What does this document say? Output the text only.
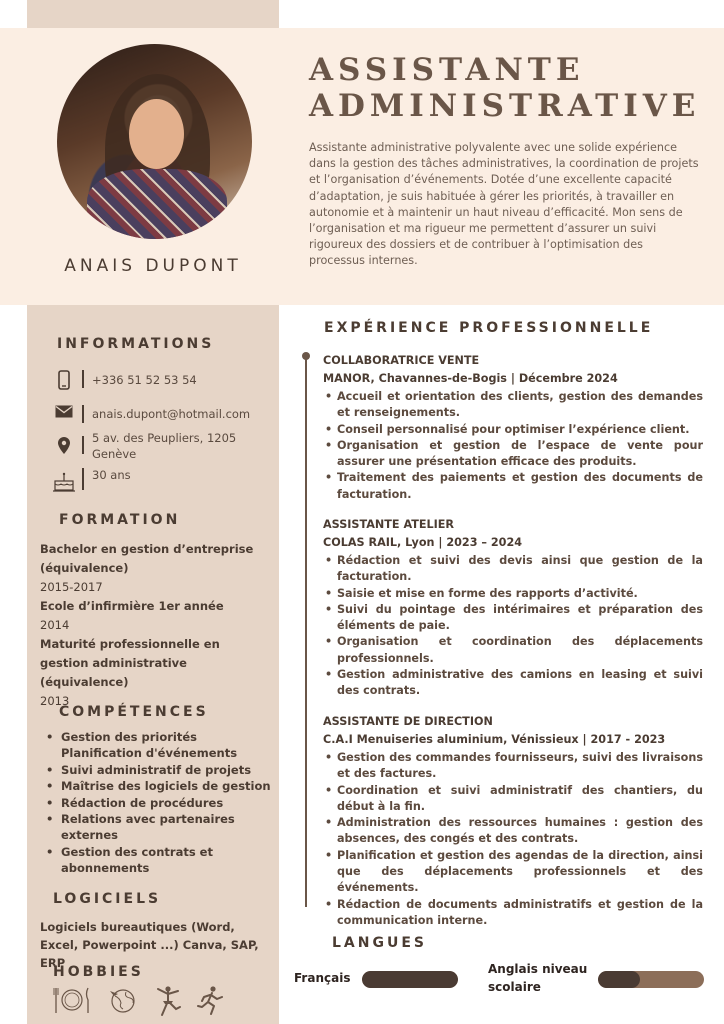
ANAIS DUPONT
ASSISTANTE
ADMINISTRATIVE

Assistante administrative polyvalente avec une solide expérience dans la gestion des tâches administratives, la coordination de projets et l’organisation d’événements. Dotée d’une excellente capacité d’adaptation, je suis habituée à gérer les priorités, à travailler en autonomie et à maintenir un haut niveau d’efficacité. Mon sens de l’organisation et ma rigueur me permettent d’assurer un suivi rigoureux des dossiers et de contribuer à l’optimisation des processus internes.

INFORMATIONS
+336 51 52 53 54
anais.dupont@hotmail.com
5 av. des Peupliers, 1205 Genève
30 ans
FORMATION
Bachelor en gestion d’entreprise (équivalence)
2015-2017
Ecole d’infirmière 1er année
2014
Maturité professionnelle en gestion administrative (équivalence)
2013
COMPÉTENCES
• Gestion des priorités Planification d'événements
• Suivi administratif de projets
• Maîtrise des logiciels de gestion
• Rédaction de procédures
• Relations avec partenaires externes
• Gestion des contrats et abonnements
LOGICIELS
Logiciels bureautiques (Word, Excel, Powerpoint ...) Canva, SAP, ERP
HOBBIES
EXPÉRIENCE PROFESSIONNELLE
COLLABORATRICE VENTE
MANOR, Chavannes-de-Bogis | Décembre 2024
• Accueil et orientation des clients, gestion des demandes et renseignements.
• Conseil personnalisé pour optimiser l’expérience client.
• Organisation et gestion de l’espace de vente pour assurer une présentation efficace des produits.
• Traitement des paiements et gestion des documents de facturation.
ASSISTANTE ATELIER
COLAS RAIL, Lyon | 2023 – 2024
• Rédaction et suivi des devis ainsi que gestion de la facturation.
• Saisie et mise en forme des rapports d’activité.
• Suivi du pointage des intérimaires et préparation des éléments de paie.
• Organisation et coordination des déplacements professionnels.
• Gestion administrative des camions en leasing et suivi des contrats.
ASSISTANTE DE DIRECTION
C.A.I Menuiseries aluminium, Vénissieux | 2017 - 2023
• Gestion des commandes fournisseurs, suivi des livraisons et des factures.
• Coordination et suivi administratif des chantiers, du début à la fin.
• Administration des ressources humaines : gestion des absences, des congés et des contrats.
• Planification et gestion des agendas de la direction, ainsi que des déplacements professionnels et des événements.
• Rédaction de documents administratifs et gestion de la communication interne.
LANGUES
Français
Anglais niveau scolaire
